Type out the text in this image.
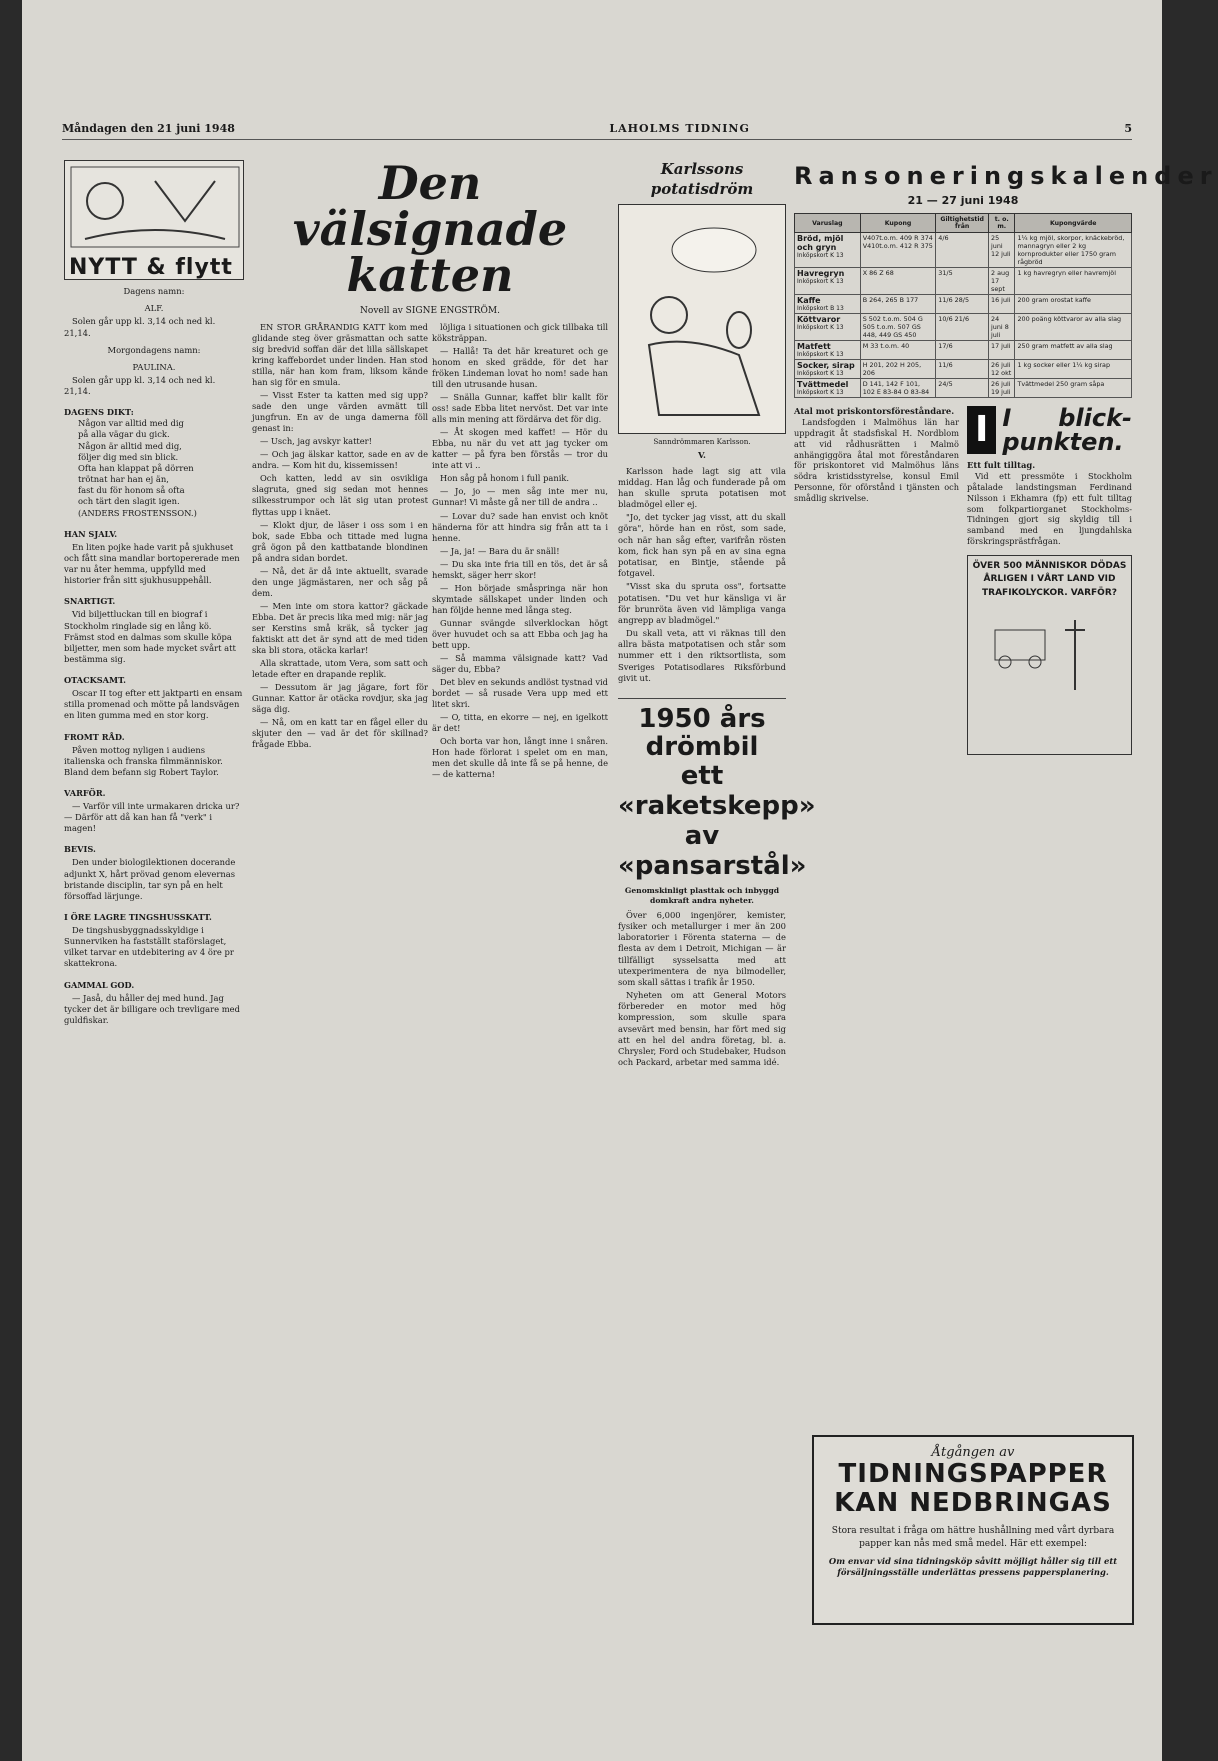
Måndagen den 21 juni 1948	LAHOLMS TIDNING	5
NYTT & flytt
Dagens namn:
ALF.

Solen går upp kl. 3,14 och ned kl. 21,14.

Morgondagens namn:
PAULINA.

Solen går upp kl. 3,14 och ned kl. 21,14.

DAGENS DIKT:
Någon var alltid med dig
på alla vägar du gick.
Någon är alltid med dig,
följer dig med sin blick.
Ofta han klappat på dörren
trötnat har han ej än,
fast du för honom så ofta
och tärt den slagit igen.
(ANDERS FROSTENSSON.)
HAN SJALV.

En liten pojke hade varit på sjukhuset och fått sina mandlar bortopererade men var nu åter hemma, uppfylld med historier från sitt sjukhusuppehåll.

SNARTIGT.

Vid biljettluckan till en biograf i Stockholm ringlade sig en lång kö. Främst stod en dalmas som skulle köpa biljetter, men som hade mycket svårt att bestämma sig.

OTACKSAMT.

Oscar II tog efter ett jaktparti en ensam stilla promenad och mötte på landsvägen en liten gumma med en stor korg.

FROMT RÅD.

Påven mottog nyligen i audiens italienska och franska filmmänniskor. Bland dem befann sig Robert Taylor.

VARFÖR.

— Varför vill inte urmakaren dricka ur? — Därför att då kan han få "verk" i magen!

BEVIS.

Den under biologilektionen docerande adjunkt X, hårt prövad genom elevernas bristande disciplin, tar syn på en helt försoffad lärjunge.

I ÖRE LAGRE TINGSHUSSKATT.

De tingshusbyggnadsskyldige i Sunnerviken ha fastställt staförslaget, vilket tarvar en utdebitering av 4 öre pr skattekrona.

GAMMAL GOD.

— Jaså, du håller dej med hund. Jag tycker det är billigare och trevligare med guldfiskar.

Den välsignade katten
Novell av SIGNE ENGSTRÖM.

EN STOR GRÅRANDIG KATT kom med glidande steg över gräsmattan och satte sig bredvid soffan där det lilla sällskapet kring kaffebordet under linden. Han stod stilla, när han kom fram, liksom kände han sig för en smula.

— Visst Ester ta katten med sig upp? sade den unge värden avmätt till jungfrun. En av de unga damerna föll genast in:

— Usch, jag avskyr katter!

— Och jag älskar kattor, sade en av de andra. — Kom hit du, kissemissen!

Och katten, ledd av sin osvikliga slagruta, gned sig sedan mot hennes silkesstrumpor och lät sig utan protest flyttas upp i knäet.

— Klokt djur, de läser i oss som i en bok, sade Ebba och tittade med lugna grå ögon på den kattbatande blondinen på andra sidan bordet.

— Nå, det är då inte aktuellt, svarade den unge jägmästaren, ner och såg på dem.

— Men inte om stora kattor? gäckade Ebba. Det är precis lika med mig: när jag ser Kerstins små kräk, så tycker jag faktiskt att det är synd att de med tiden ska bli stora, otäcka karlar!

Alla skrattade, utom Vera, som satt och letade efter en drapande replik.

— Dessutom är jag jägare, fort för Gunnar. Kattor är otäcka rovdjur, ska jag säga dig.

— Nå, om en katt tar en fågel eller du skjuter den — vad är det för skillnad? frågade Ebba.

löjliga i situationen och gick tillbaka till köksträppan.

— Hallå! Ta det här kreaturet och ge honom en sked grädde, för det har fröken Lindeman lovat ho nom! sade han till den utrusande husan.

— Snälla Gunnar, kaffet blir kallt för oss! sade Ebba litet nervöst. Det var inte alls min mening att fördärva det för dig.

— Åt skogen med kaffet! — Hör du Ebba, nu när du vet att jag tycker om katter — på fyra ben förstås — tror du inte att vi ..

Hon såg på honom i full panik.

— Jo, jo — men såg inte mer nu, Gunnar! Vi måste gå ner till de andra ..

— Lovar du? sade han envist och knöt händerna för att hindra sig från att ta i henne.

— Ja, ja! — Bara du är snäll!

— Du ska inte fria till en tös, det är så hemskt, säger herr skor!

— Hon började småspringa när hon skymtade sällskapet under linden och han följde henne med långa steg.

Gunnar svängde silverklockan högt över huvudet och sa att Ebba och jag ha bett upp.

— Så mamma välsignade katt? Vad säger du, Ebba?

Det blev en sekunds andlöst tystnad vid bordet — så rusade Vera upp med ett litet skri.

— O, titta, en ekorre — nej, en igelkott är det!

Och borta var hon, långt inne i snåren. Hon hade förlorat i spelet om en man, men det skulle då inte få se på henne, de — de katterna!

Karlssons potatisdröm
Sanndrömmaren Karlsson.
V.

Karlsson hade lagt sig att vila middag. Han låg och funderade på om han skulle spruta potatisen mot bladmögel eller ej.

"Jo, det tycker jag visst, att du skall göra", hörde han en röst, som sade, och när han såg efter, varifrån rösten kom, fick han syn på en av sina egna potatisar, en Bintje, stående på fotgavel.

"Visst ska du spruta oss", fortsatte potatisen. "Du vet hur känsliga vi är för brunröta även vid lämpliga vanga angrepp av bladmögel."

Du skall veta, att vi räknas till den allra bästa matpotatisen och står som nummer ett i den riktsortlista, som Sveriges Potatisodlares Riksförbund givit ut.

1950 års drömbil
ett «raketskepp»
av «pansarstål»
Genomskinligt plasttak och inbyggd domkraft andra nyheter.

Över 6,000 ingenjörer, kemister, fysiker och metallurger i mer än 200 laboratorier i Förenta staterna — de flesta av dem i Detroit, Michigan — är tillfälligt sysselsatta med att utexperimentera de nya bilmodeller, som skall sättas i trafik år 1950.

Nyheten om att General Motors förbereder en motor med hög kompression, som skulle spara avsevärt med bensin, har fört med sig att en hel del andra företag, bl. a. Chrysler, Ford och Studebaker, Hudson och Packard, arbetar med samma idé.

Ransoneringskalender
21 — 27 juni 1948
Varuslag	Kupong	Giltighetstid från	t. o. m.	Kupongvärde

Bröd, mjöl och gryn
Inköpskort K 13	V407t.o.m. 409 R 374 V410t.o.m. 412 R 375	4/6	25 juni 12 juli	1¼ kg mjöl, skorpor, knäckebröd, mannagryn eller 2 kg kornprodukter eller 1750 gram rågbröd

Havregryn
Inköpskort K 13	X 86 Z 68	31/5	2 aug 17 sept	1 kg havregryn eller havremjöl

Kaffe
Inköpskort B 13	B 264, 265 B 177	11/6 28/5	16 juli	200 gram orostat kaffe

Köttvaror
Inköpskort K 13	S 502 t.o.m. 504 G 505 t.o.m. 507 GS 448, 449 GS 450	10/6 21/6	24 juni 8 juli	200 poäng köttvaror av alla slag

Matfett
Inköpskort K 13	M 33 t.o.m. 40	17/6	17 juli	250 gram matfett av alla slag

Socker, sirap
Inköpskort K 13	H 201, 202 H 205, 206	11/6	26 juli 12 okt	1 kg socker eller 1¼ kg sirap

Tvättmedel
Inköpskort K 13	D 141, 142 F 101, 102 E 83-84 O 83-84	24/5	26 juli 19 juli	Tvättmedel 250 gram såpa
Atal mot priskontorsföreståndare.

Landsfogden i Malmöhus län har uppdragit åt stadsfiskal H. Nordblom att vid rådhusrätten i Malmö anhängiggöra åtal mot föreståndaren för priskontoret vid Malmöhus läns södra kristidsstyrelse, konsul Emil Personne, för oförstånd i tjänsten och smådlig skrivelse.

I I blick-punkten.
Ett fult tilltag.

Vid ett pressmöte i Stockholm påtalade landstingsman Ferdinand Nilsson i Ekhamra (fp) ett fult tilltag som folkpartiorganet Stockholms-Tidningen gjort sig skyldig till i samband med en ljungdahlska förskringsprästfrågan.

ÖVER 500 MÄNNISKOR DÖDAS ÅRLIGEN I VÅRT LAND VID TRAFIKOLYCKOR. VARFÖR?
Åtgången av
TIDNINGSPAPPER
KAN NEDBRINGAS
Stora resultat i fråga om hättre hushållning med vårt dyrbara papper kan nås med små medel. Här ett exempel:
Om envar vid sina tidningsköp såvitt möjligt håller sig till ett försäljningsställe underlättas pressens pappersplanering.
